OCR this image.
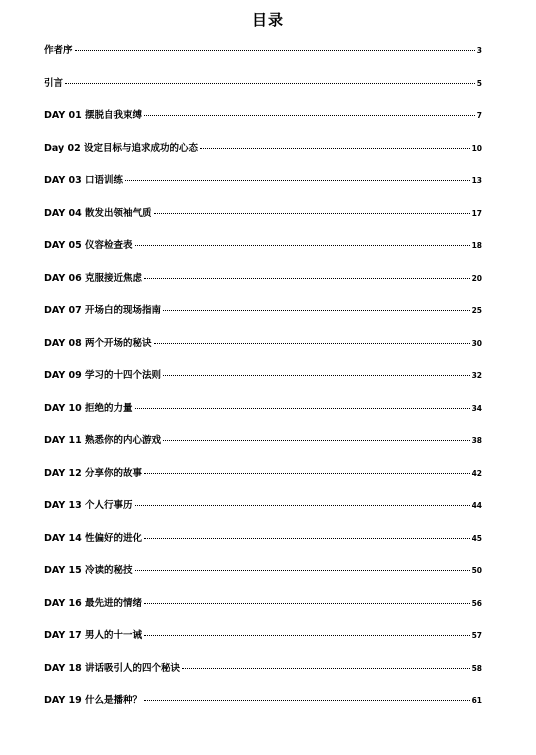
目录
作者序	3
引言	5
DAY 01 摆脱自我束缚	7
Day 02 设定目标与追求成功的心态	10
DAY 03 口语训练	13
DAY 04 散发出领袖气质	17
DAY 05 仪容检查表	18
DAY 06 克服接近焦虑	20
DAY 07 开场白的现场指南	25
DAY 08 两个开场的秘诀	30
DAY 09 学习的十四个法则	32
DAY 10 拒绝的力量	34
DAY 11 熟悉你的内心游戏	38
DAY 12 分享你的故事	42
DAY 13 个人行事历	44
DAY 14 性偏好的进化	45
DAY 15 冷读的秘技	50
DAY 16 最先进的情绪	56
DAY 17 男人的十一诫	57
DAY 18 讲话吸引人的四个秘诀	58
DAY 19 什么是播种？	61
